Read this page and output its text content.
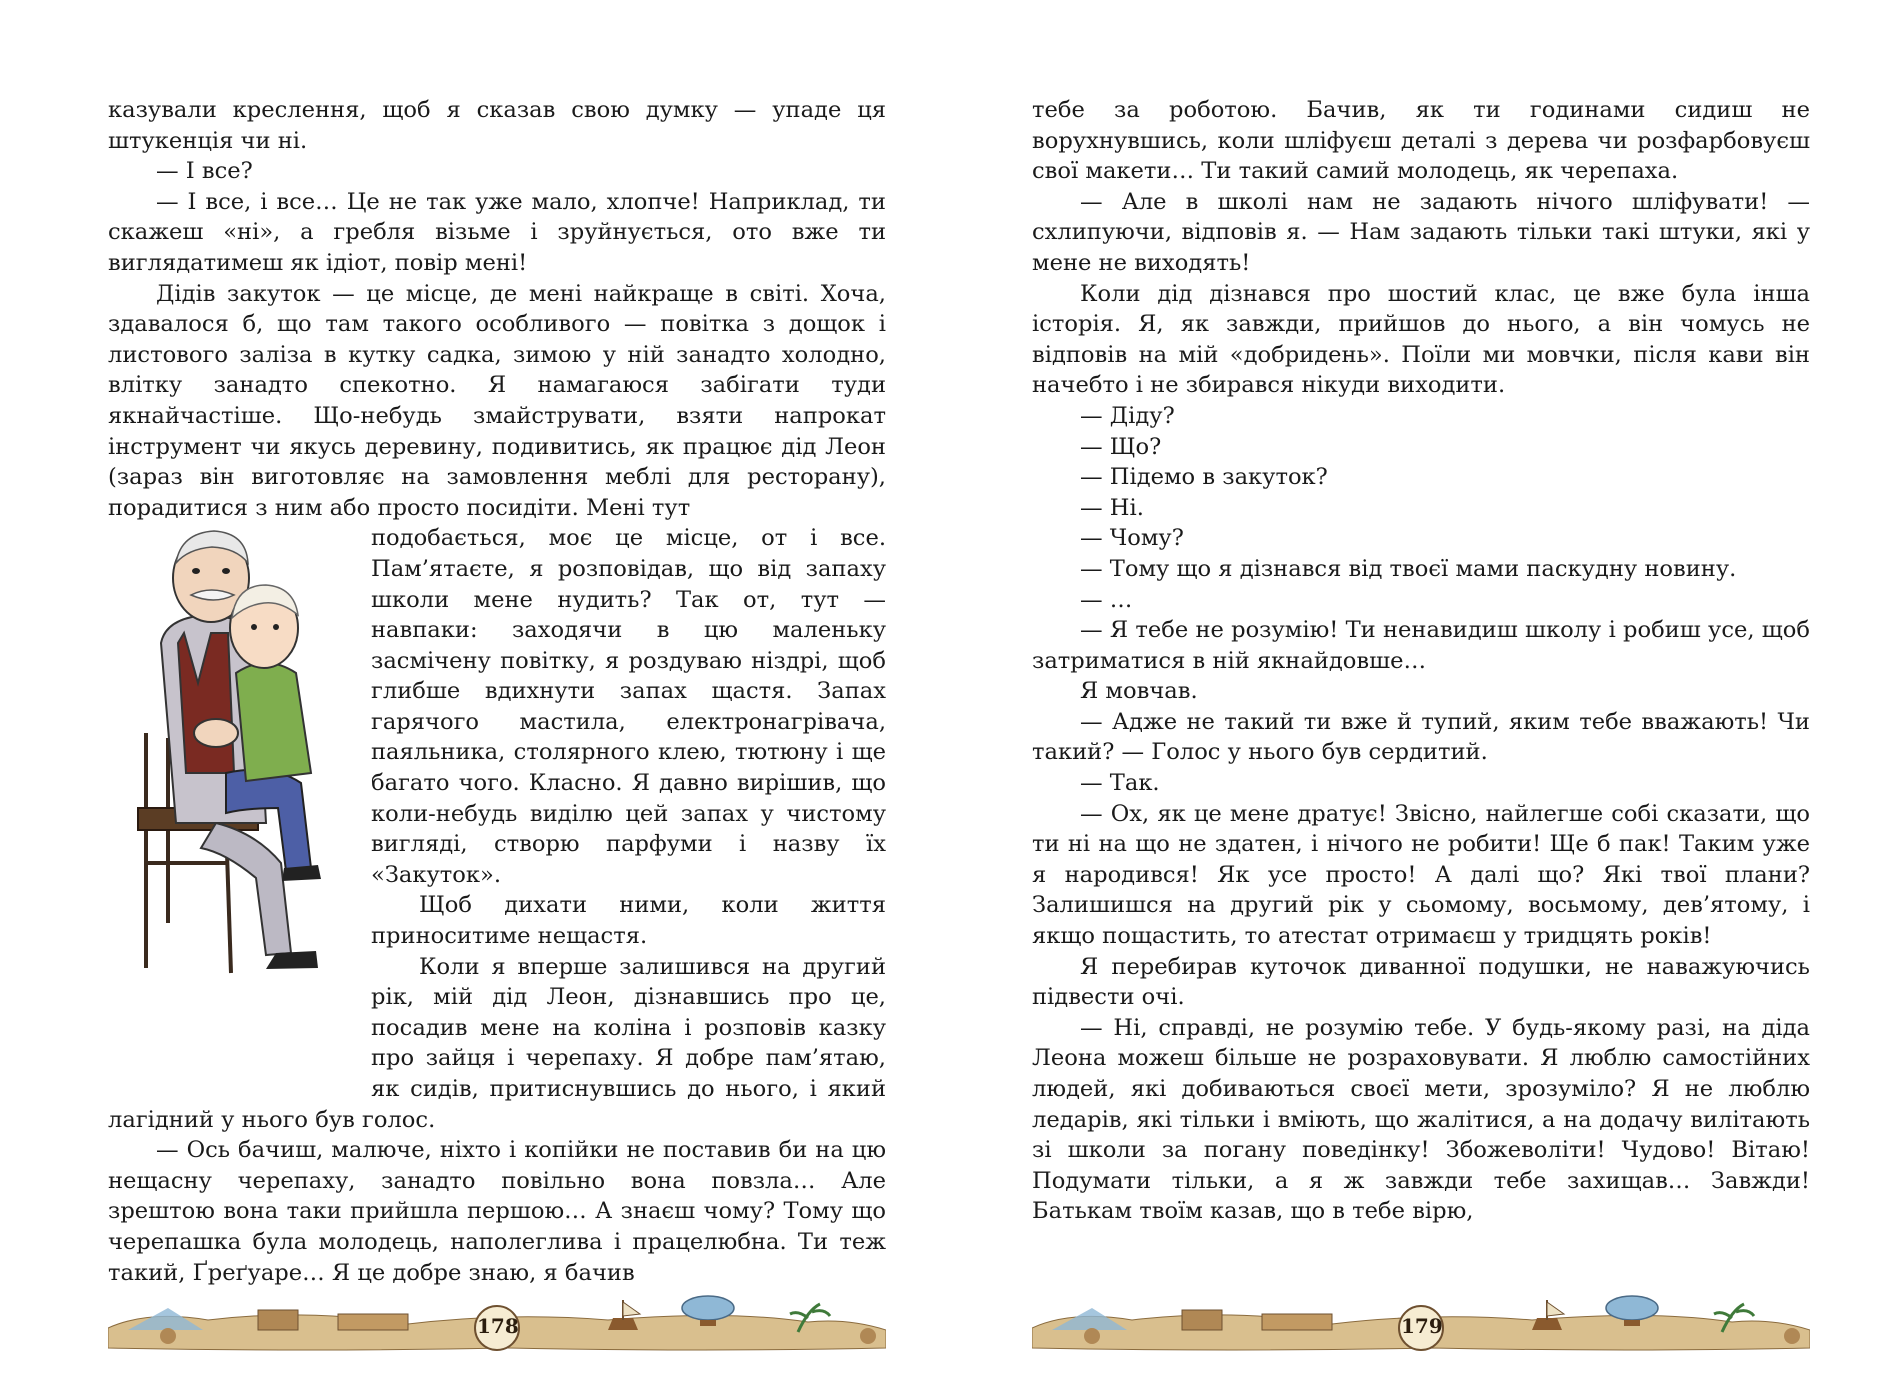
казували креслення, щоб я сказав свою думку — упаде ця штукенція чи ні.

— І все?

— І все, і все… Це не так уже мало, хлопче! Наприклад, ти скажеш «ні», а гребля візьме і зруйнується, ото вже ти виглядатимеш як ідіот, повір мені!

Дідів закуток — це місце, де мені найкраще в світі. Хоча, здавалося б, що там такого особливого — повітка з дощок і листового заліза в кутку садка, зимою у ній занадто холодно, влітку занадто спекотно. Я намагаюся забігати туди якнайчастіше. Що-небудь змайструвати, взяти напрокат інструмент чи якусь деревину, подивитись, як працює дід Леон (зараз він виготовляє на замовлення меблі для ресторану), порадитися з ним або просто посидіти. Мені тут

подобається, моє це місце, от і все. Пам’ятаєте, я розповідав, що від запаху школи мене нудить? Так от, тут — навпаки: заходячи в цю маленьку засмічену повітку, я роздуваю ніздрі, щоб глибше вдихнути запах щастя. Запах гарячого мастила, електронагрівача, паяльника, столярного клею, тютюну і ще багато чого. Класно. Я давно вирішив, що коли-небудь виділю цей запах у чистому вигляді, створю парфуми і назву їх «Закуток».

Щоб дихати ними, коли життя приноситиме нещастя.

Коли я вперше залишився на другий рік, мій дід Леон, дізнавшись про це, посадив мене на коліна і розповів казку про зайця і черепаху. Я добре пам’ятаю, як сидів, притиснувшись до нього, і який лагідний у нього був голос.

— Ось бачиш, малюче, ніхто і копійки не поставив би на цю нещасну черепаху, занадто повільно вона повзла… Але зрештою вона таки прийшла першою… А знаєш чому? Тому що черепашка була молодець, наполеглива і працелюбна. Ти теж такий, Ґреґуаре… Я це добре знаю, я бачив

тебе за роботою. Бачив, як ти годинами сидиш не ворухнувшись, коли шліфуєш деталі з дерева чи розфарбовуєш свої макети… Ти такий самий молодець, як черепаха.

— Але в школі нам не задають нічого шліфувати! — схлипуючи, відповів я. — Нам задають тільки такі штуки, які у мене не виходять!

Коли дід дізнався про шостий клас, це вже була інша історія. Я, як завжди, прийшов до нього, а він чомусь не відповів на мій «добридень». Поїли ми мовчки, після кави він начебто і не збирався нікуди виходити.

— Діду?

— Що?

— Підемо в закуток?

— Ні.

— Чому?

— Тому що я дізнався від твоєї мами паскудну новину.

— …

— Я тебе не розумію! Ти ненавидиш школу і робиш усе, щоб затриматися в ній якнайдовше…

Я мовчав.

— Адже не такий ти вже й тупий, яким тебе вважають! Чи такий? — Голос у нього був сердитий.

— Так.

— Ох, як це мене дратує! Звісно, найлегше собі сказати, що ти ні на що не здатен, і нічого не робити! Ще б пак! Таким уже я народився! Як усе просто! А далі що? Які твої плани? Залишишся на другий рік у сьомому, восьмому, дев’ятому, і якщо пощастить, то атестат отримаєш у тридцять років!

Я перебирав куточок диванної подушки, не наважуючись підвести очі.

— Ні, справді, не розумію тебе. У будь-якому разі, на діда Леона можеш більше не розраховувати. Я люблю самостійних людей, які добиваються своєї мети, зрозуміло? Я не люблю ледарів, які тільки і вміють, що жалітися, а на додачу вилітають зі школи за погану поведінку! Збожеволіти! Чудово! Вітаю! Подумати тільки, а я ж завжди тебе захищав… Завжди! Батькам твоїм казав, що в тебе вірю,

178	179
